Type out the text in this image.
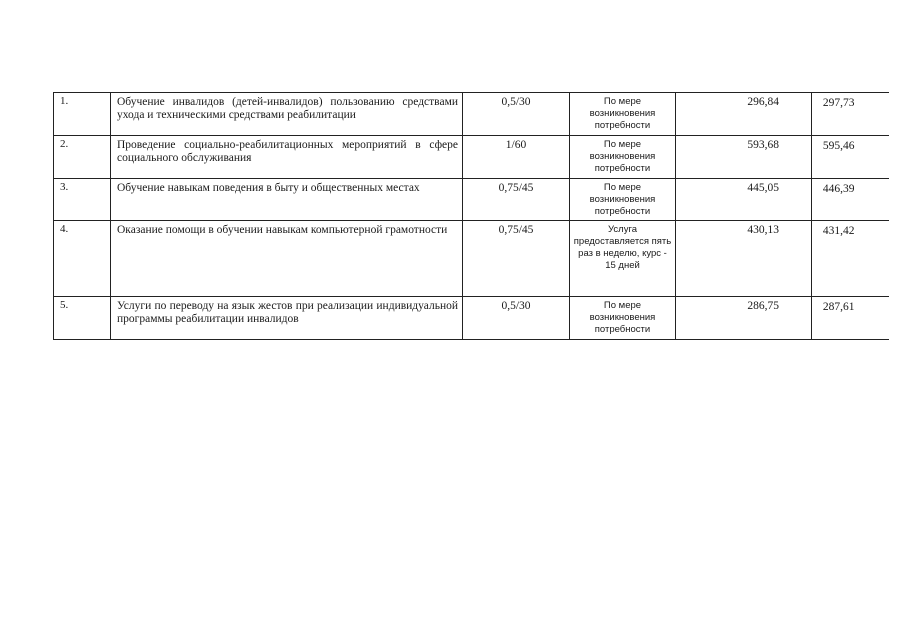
1.	Обучение инвалидов (детей-инвалидов) пользованию средствами ухода и техническими средствами реабилитации	0,5/30	По мере возникновения потребности	296,84	297,73
2.	Проведение социально-реабилитационных мероприятий в сфере социального обслуживания	1/60	По мере возникновения потребности	593,68	595,46
3.	Обучение навыкам поведения в быту и общественных местах	0,75/45	По мере возникновения потребности	445,05	446,39
4.	Оказание помощи в обучении навыкам компьютерной грамотности	0,75/45	Услуга предоставляется пять раз в неделю, курс - 15 дней	430,13	431,42
5.	Услуги по переводу на язык жестов при реализации индивидуальной программы реабилитации инвалидов	0,5/30	По мере возникновения потребности	286,75	287,61
